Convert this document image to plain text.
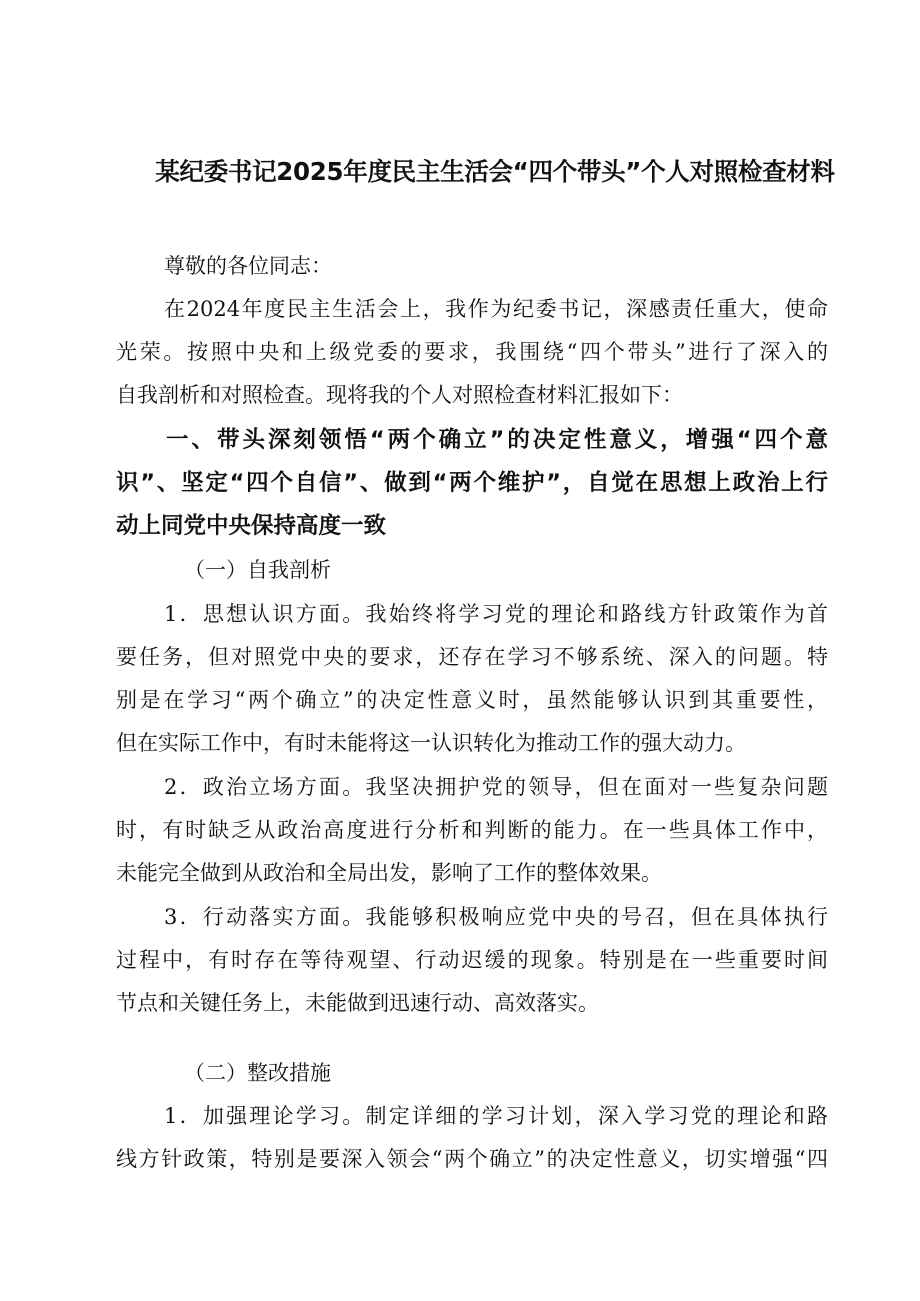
某纪委书记2025年度民主生活会“四个带头”个人对照检查材料

尊敬的各位同志：

在2024年度民主生活会上，我作为纪委书记，深感责任重大，使命

光荣。按照中央和上级党委的要求，我围绕“四个带头”进行了深入的

自我剖析和对照检查。现将我的个人对照检查材料汇报如下：

一、带头深刻领悟“两个确立”的决定性意义，增强“四个意

识”、坚定“四个自信”、做到“两个维护”，自觉在思想上政治上行

动上同党中央保持高度一致

（一）自我剖析

1．思想认识方面。我始终将学习党的理论和路线方针政策作为首

要任务，但对照党中央的要求，还存在学习不够系统、深入的问题。特

别是在学习“两个确立”的决定性意义时，虽然能够认识到其重要性，

但在实际工作中，有时未能将这一认识转化为推动工作的强大动力。

2．政治立场方面。我坚决拥护党的领导，但在面对一些复杂问题

时，有时缺乏从政治高度进行分析和判断的能力。在一些具体工作中，

未能完全做到从政治和全局出发，影响了工作的整体效果。

3．行动落实方面。我能够积极响应党中央的号召，但在具体执行

过程中，有时存在等待观望、行动迟缓的现象。特别是在一些重要时间

节点和关键任务上，未能做到迅速行动、高效落实。

（二）整改措施

1．加强理论学习。制定详细的学习计划，深入学习党的理论和路

线方针政策，特别是要深入领会“两个确立”的决定性意义，切实增强“四
